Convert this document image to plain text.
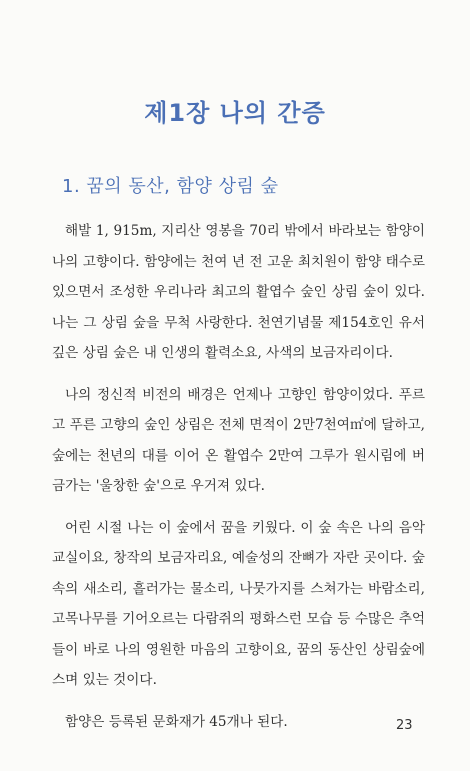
제1장 나의 간증
1. 꿈의 동산, 함양 상림 숲

해발 1, 915m, 지리산 영봉을 70리 밖에서 바라보는 함양이 나의 고향이다. 함양에는 천여 년 전 고운 최치원이 함양 태수로 있으면서 조성한 우리나라 최고의 활엽수 숲인 상림 숲이 있다. 나는 그 상림 숲을 무척 사랑한다. 천연기념물 제154호인 유서 깊은 상림 숲은 내 인생의 활력소요, 사색의 보금자리이다.

나의 정신적 비전의 배경은 언제나 고향인 함양이었다. 푸르고 푸른 고향의 숲인 상림은 전체 면적이 2만7천여㎡에 달하고, 숲에는 천년의 대를 이어 온 활엽수 2만여 그루가 원시림에 버금가는 '울창한 숲'으로 우거져 있다.

어린 시절 나는 이 숲에서 꿈을 키웠다. 이 숲 속은 나의 음악 교실이요, 창작의 보금자리요, 예술성의 잔뼈가 자란 곳이다. 숲 속의 새소리, 흘러가는 물소리, 나뭇가지를 스쳐가는 바람소리, 고목나무를 기어오르는 다람쥐의 평화스런 모습 등 수많은 추억들이 바로 나의 영원한 마음의 고향이요, 꿈의 동산인 상림숲에 스며 있는 것이다.

함양은 등록된 문화재가 45개나 된다.	23
